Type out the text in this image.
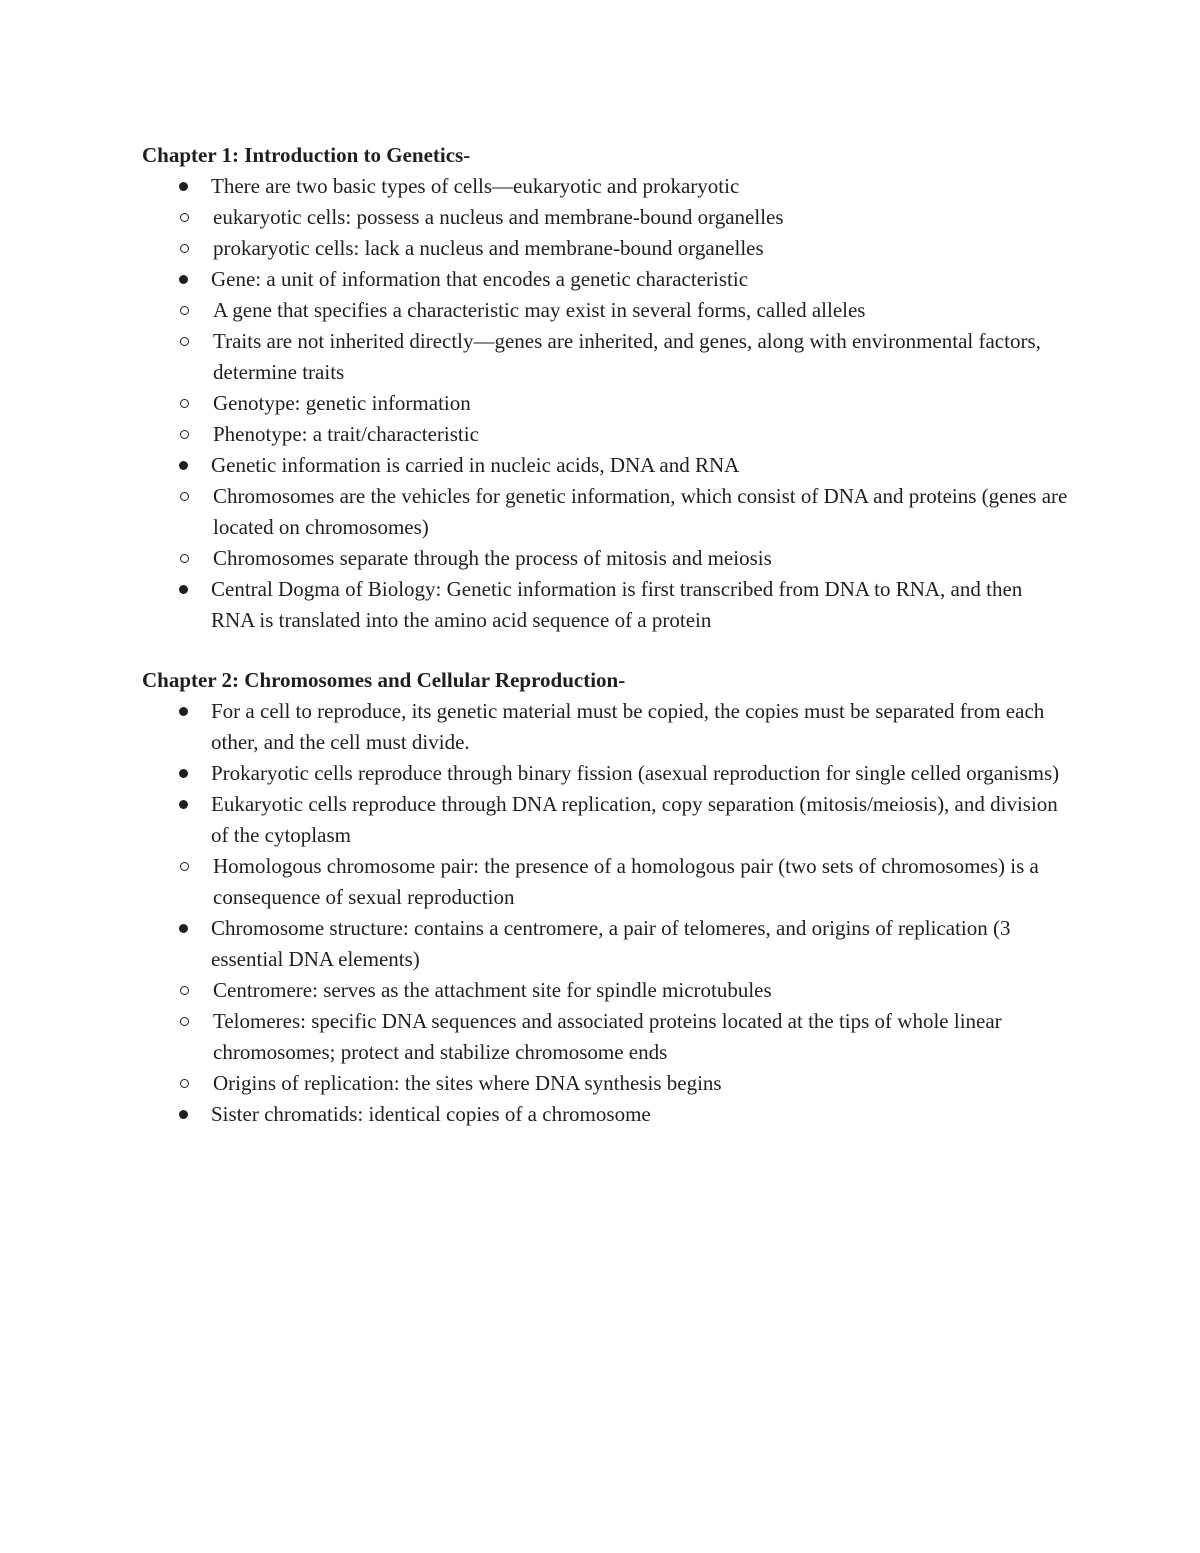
Chapter 1: Introduction to Genetics-

There are two basic types of cells—eukaryotic and prokaryotic
eukaryotic cells: possess a nucleus and membrane-bound organelles
prokaryotic cells: lack a nucleus and membrane-bound organelles
Gene: a unit of information that encodes a genetic characteristic
A gene that specifies a characteristic may exist in several forms, called alleles
Traits are not inherited directly—genes are inherited, and genes, along with environmental factors, determine traits
Genotype: genetic information
Phenotype: a trait/characteristic
Genetic information is carried in nucleic acids, DNA and RNA
Chromosomes are the vehicles for genetic information, which consist of DNA and proteins (genes are located on chromosomes)
Chromosomes separate through the process of mitosis and meiosis
Central Dogma of Biology: Genetic information is first transcribed from DNA to RNA, and then RNA is translated into the amino acid sequence of a protein

Chapter 2: Chromosomes and Cellular Reproduction-

For a cell to reproduce, its genetic material must be copied, the copies must be separated from each other, and the cell must divide.
Prokaryotic cells reproduce through binary fission (asexual reproduction for single celled organisms)
Eukaryotic cells reproduce through DNA replication, copy separation (mitosis/meiosis), and division of the cytoplasm
Homologous chromosome pair: the presence of a homologous pair (two sets of chromosomes) is a consequence of sexual reproduction
Chromosome structure: contains a centromere, a pair of telomeres, and origins of replication (3 essential DNA elements)
Centromere: serves as the attachment site for spindle microtubules
Telomeres: specific DNA sequences and associated proteins located at the tips of whole linear chromosomes; protect and stabilize chromosome ends
Origins of replication: the sites where DNA synthesis begins
Sister chromatids: identical copies of a chromosome
